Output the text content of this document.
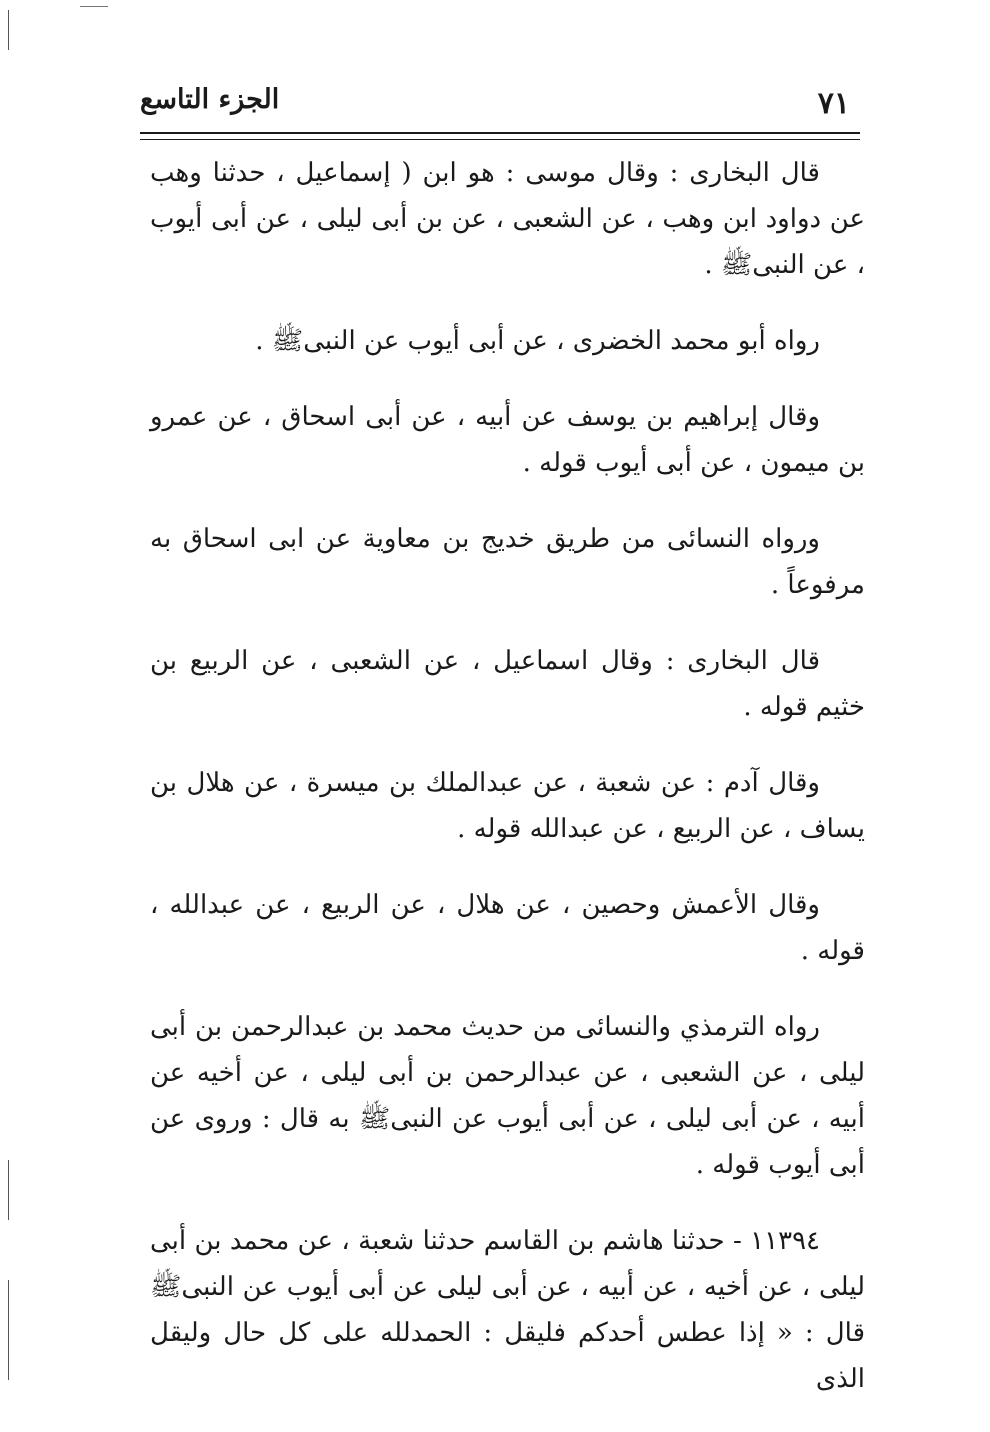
٧١
الجزء التاسع

قال البخارى : وقال موسى : هو ابن ( إسماعيل ، حدثنا وهب عن دواود ابن وهب ، عن الشعبى ، عن بن أبى ليلى ، عن أبى أيوب ، عن النبىﷺ .

رواه أبو محمد الخضرى ، عن أبى أيوب عن النبىﷺ .

وقال إبراهيم بن يوسف عن أبيه ، عن أبى اسحاق ، عن عمرو بن ميمون ، عن أبى أيوب قوله .

ورواه النسائى من طريق خديج بن معاوية عن ابى اسحاق به مرفوعاً .

قال البخارى : وقال اسماعيل ، عن الشعبى ، عن الربيع بن خثيم قوله .

وقال آدم : عن شعبة ، عن عبدالملك بن ميسرة ، عن هلال بن يساف ، عن الربيع ، عن عبدالله قوله .

وقال الأعمش وحصين ، عن هلال ، عن الربيع ، عن عبدالله ، قوله .

رواه الترمذي والنسائى من حديث محمد بن عبدالرحمن بن أبى ليلى ، عن الشعبى ، عن عبدالرحمن بن أبى ليلى ، عن أخيه عن أبيه ، عن أبى ليلى ، عن أبى أيوب عن النبىﷺ به قال : وروى عن أبى أيوب قوله .

١١٣٩٤ - حدثنا هاشم بن القاسم حدثنا شعبة ، عن محمد بن أبى ليلى ، عن أخيه ، عن أبيه ، عن أبى ليلى عن أبى أيوب عن النبىﷺ قال : « إذا عطس أحدكم فليقل : الحمدلله على كل حال وليقل الذى
